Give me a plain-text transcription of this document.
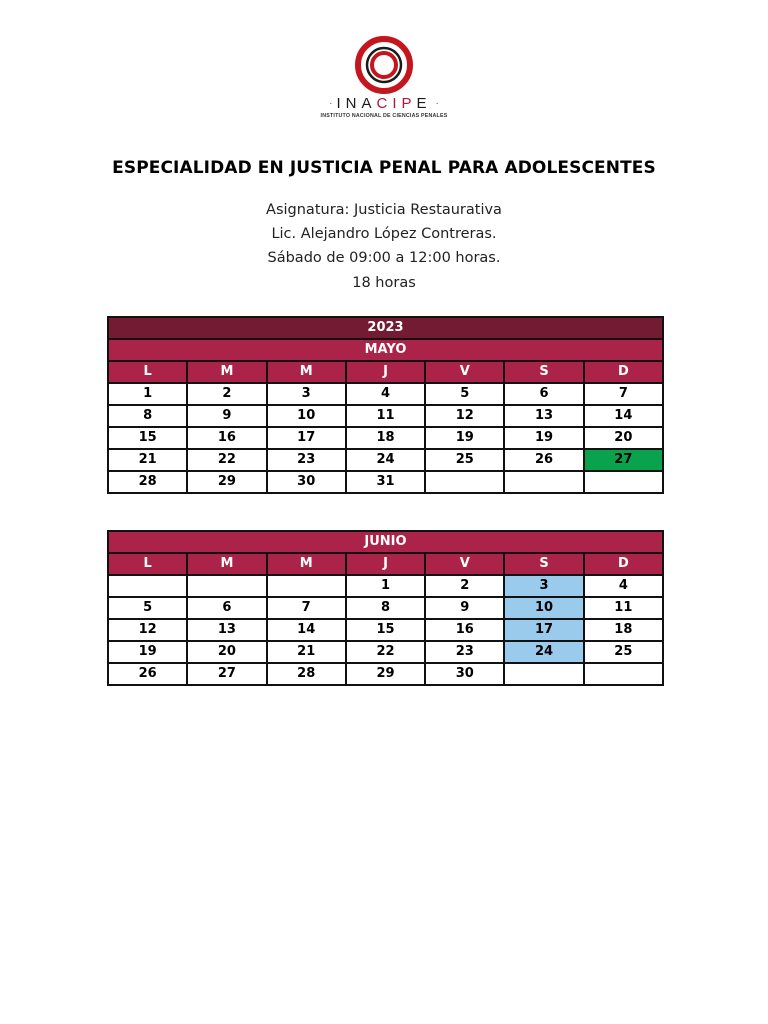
· INACIPE ·
INSTITUTO NACIONAL DE CIENCIAS PENALES
ESPECIALIDAD EN JUSTICIA PENAL PARA ADOLESCENTES
Asignatura: Justicia Restaurativa
Lic. Alejandro López Contreras.
Sábado de 09:00 a 12:00 horas.
18 horas
2023						
MAYO						
L	M	M	J	V	S	D
1	2	3	4	5	6	7
8	9	10	11	12	13	14
15	16	17	18	19	19	20
21	22	23	24	25	26	27
28	29	30	31			
JUNIO						
L	M	M	J	V	S	D
			1	2	3	4
5	6	7	8	9	10	11
12	13	14	15	16	17	18
19	20	21	22	23	24	25
26	27	28	29	30		
